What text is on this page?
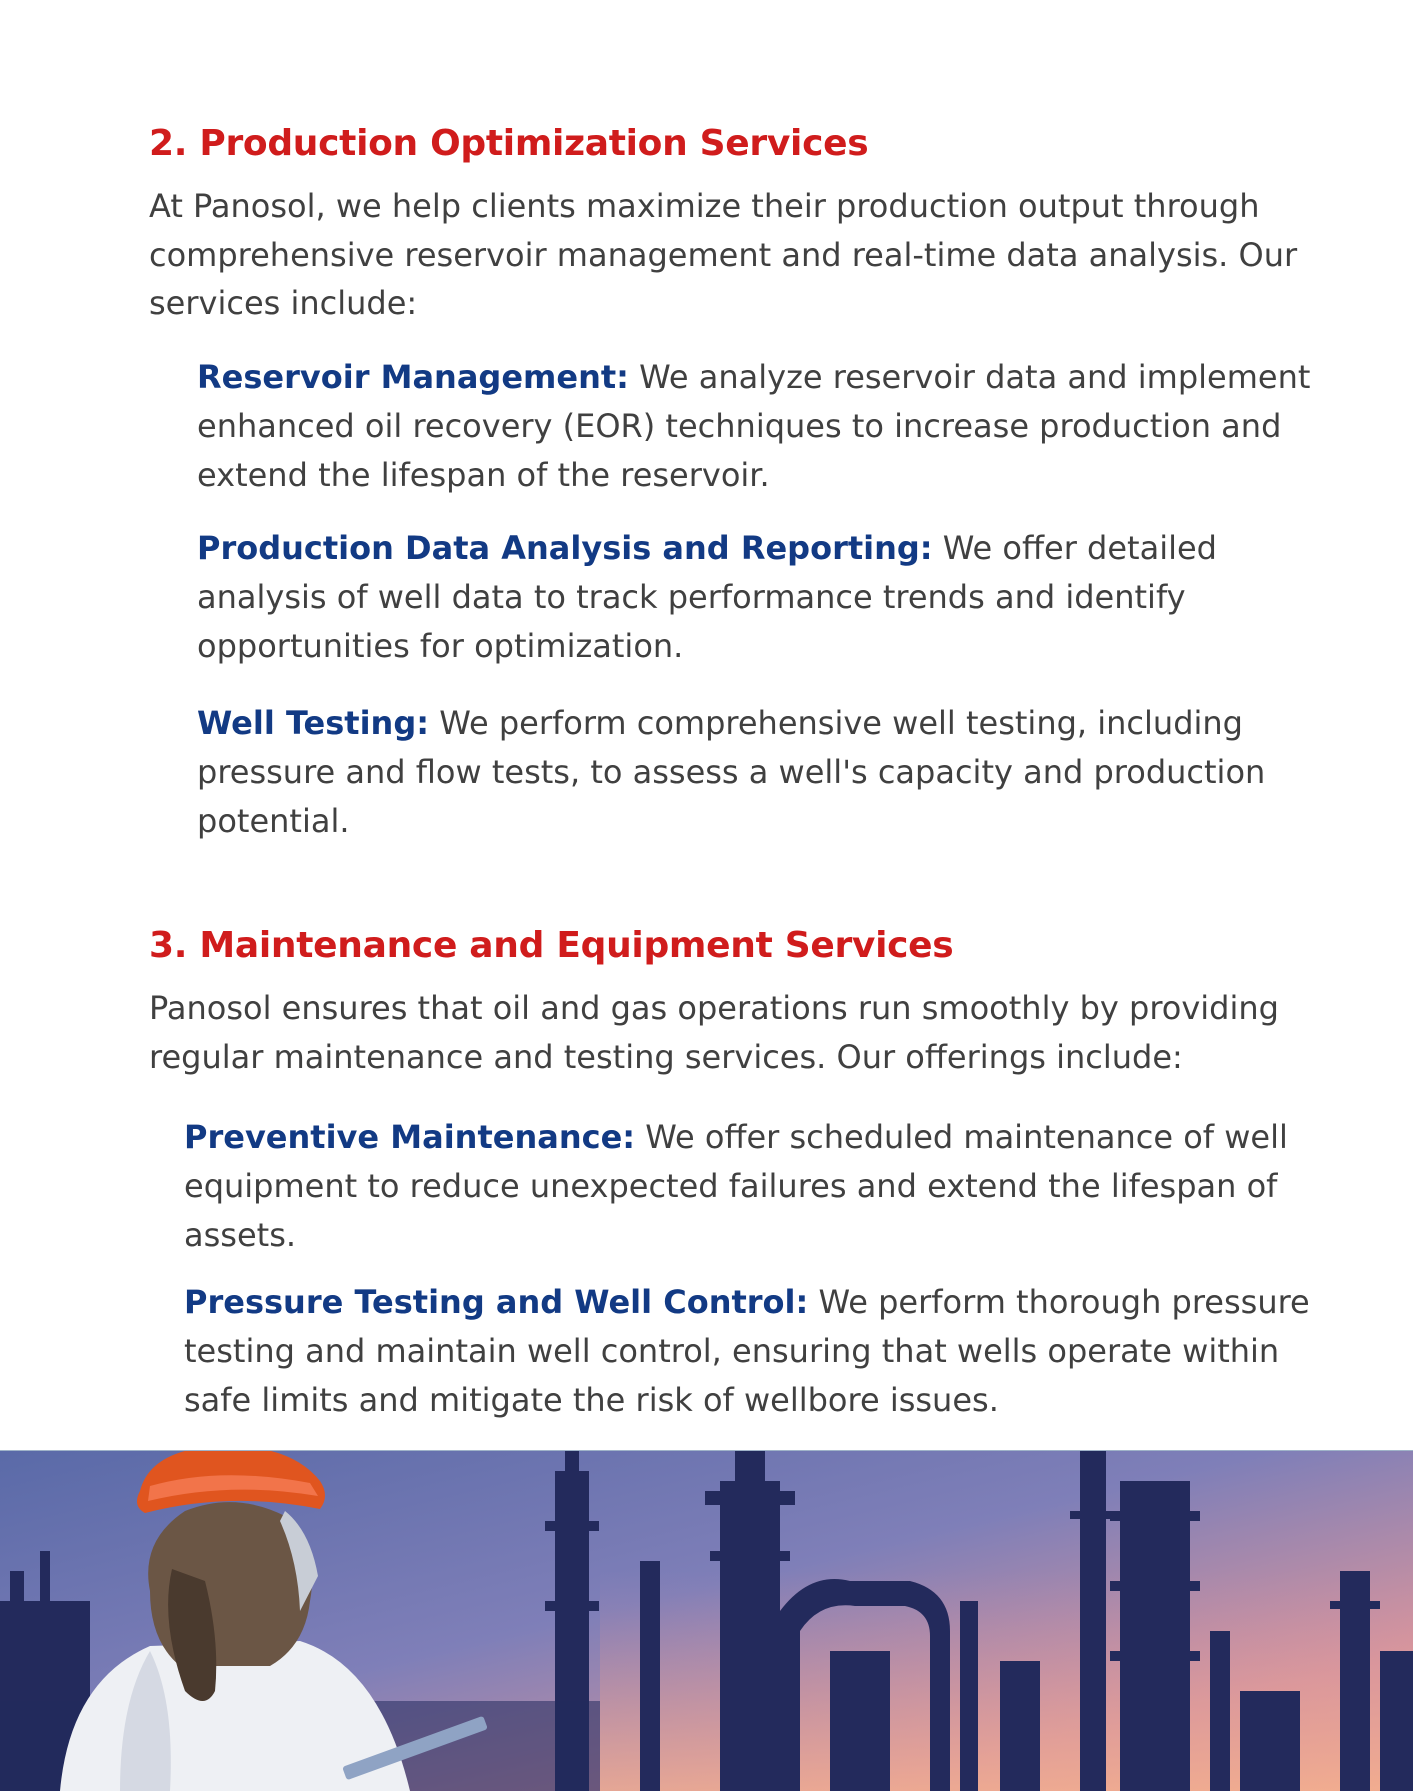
2. Production Optimization Services

At Panosol, we help clients maximize their production output through comprehensive reservoir management and real-time data analysis. Our services include:

Reservoir Management: We analyze reservoir data and implement enhanced oil recovery (EOR) techniques to increase production and extend the lifespan of the reservoir.

Production Data Analysis and Reporting: We offer detailed analysis of well data to track performance trends and identify opportunities for optimization.

Well Testing: We perform comprehensive well testing, including pressure and flow tests, to assess a well's capacity and production potential.

3. Maintenance and Equipment Services

Panosol ensures that oil and gas operations run smoothly by providing regular maintenance and testing services. Our offerings include:

Preventive Maintenance: We offer scheduled maintenance of well equipment to reduce unexpected failures and extend the lifespan of assets.

Pressure Testing and Well Control: We perform thorough pressure testing and maintain well control, ensuring that wells operate within safe limits and mitigate the risk of wellbore issues.
